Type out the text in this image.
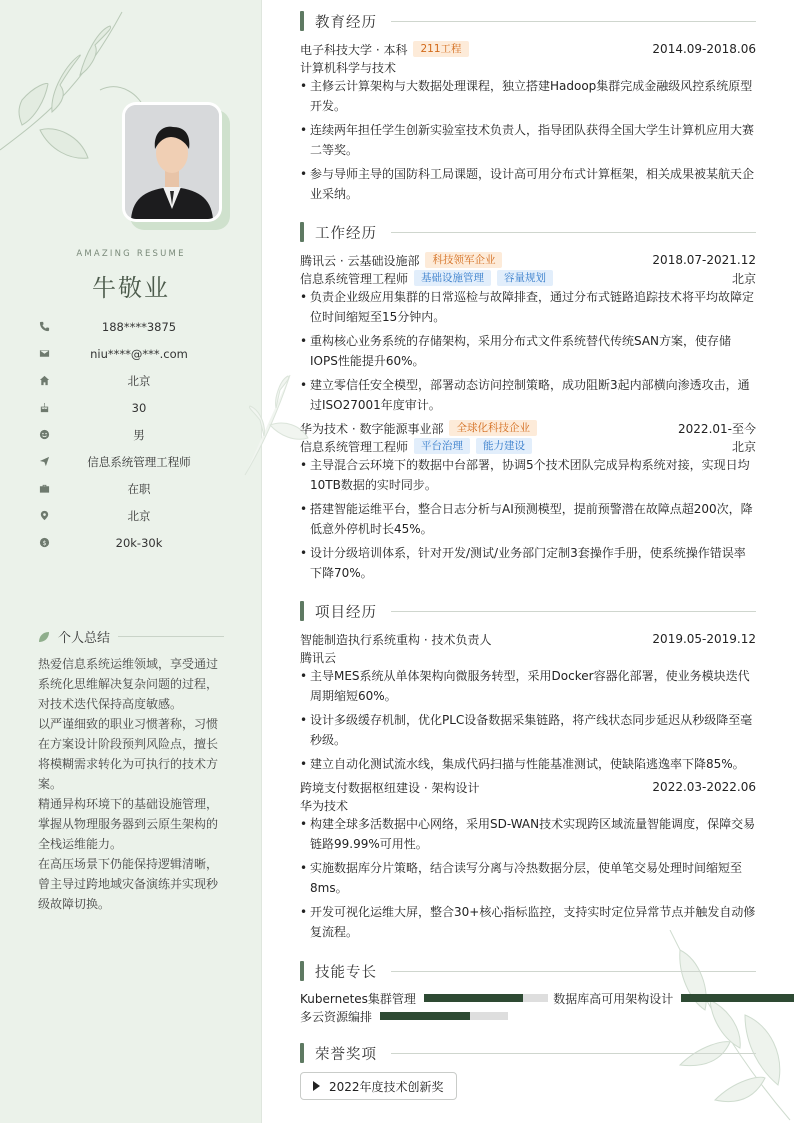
AMAZING RESUME
牛敬业
188****3875
niu****@***.com
北京
30
男
信息系统管理工程师
在职
北京
$	20k-30k
个人总结

热爱信息系统运维领域，享受通过系统化思维解决复杂问题的过程，对技术迭代保持高度敏感。

以严谨细致的职业习惯著称，习惯在方案设计阶段预判风险点，擅长将模糊需求转化为可执行的技术方案。

精通异构环境下的基础设施管理，掌握从物理服务器到云原生架构的全栈运维能力。

在高压场景下仍能保持逻辑清晰，曾主导过跨地域灾备演练并实现秒级故障切换。

教育经历
电子科技大学 · 本科	211工程	2014.09-2018.06
计算机科学与技术
• 主修云计算架构与大数据处理课程，独立搭建Hadoop集群完成金融级风控系统原型开发。
• 连续两年担任学生创新实验室技术负责人，指导团队获得全国大学生计算机应用大赛二等奖。
• 参与导师主导的国防科工局课题，设计高可用分布式计算框架，相关成果被某航天企业采纳。
工作经历
腾讯云 · 云基础设施部	科技领军企业	2018.07-2021.12
信息系统管理工程师	基础设施管理	容量规划	北京
• 负责企业级应用集群的日常巡检与故障排查，通过分布式链路追踪技术将平均故障定位时间缩短至15分钟内。
• 重构核心业务系统的存储架构，采用分布式文件系统替代传统SAN方案，使存储IOPS性能提升60%。
• 建立零信任安全模型，部署动态访问控制策略，成功阻断3起内部横向渗透攻击，通过ISO27001年度审计。
华为技术 · 数字能源事业部	全球化科技企业	2022.01-至今
信息系统管理工程师	平台治理	能力建设	北京
• 主导混合云环境下的数据中台部署，协调5个技术团队完成异构系统对接，实现日均10TB数据的实时同步。
• 搭建智能运维平台，整合日志分析与AI预测模型，提前预警潜在故障点超200次，降低意外停机时长45%。
• 设计分级培训体系，针对开发/测试/业务部门定制3套操作手册，使系统操作错误率下降70%。
项目经历
智能制造执行系统重构 · 技术负责人	2019.05-2019.12
腾讯云
• 主导MES系统从单体架构向微服务转型，采用Docker容器化部署，使业务模块迭代周期缩短60%。
• 设计多级缓存机制，优化PLC设备数据采集链路，将产线状态同步延迟从秒级降至毫秒级。
• 建立自动化测试流水线，集成代码扫描与性能基准测试，使缺陷逃逸率下降85%。
跨境支付数据枢纽建设 · 架构设计	2022.03-2022.06
华为技术
• 构建全球多活数据中心网络，采用SD-WAN技术实现跨区域流量智能调度，保障交易链路99.99%可用性。
• 实施数据库分片策略，结合读写分离与冷热数据分层，使单笔交易处理时间缩短至8ms。
• 开发可视化运维大屏，整合30+核心指标监控，支持实时定位异常节点并触发自动修复流程。
技能专长
Kubernetes集群管理	数据库高可用架构设计
多云资源编排
荣誉奖项
2022年度技术创新奖
